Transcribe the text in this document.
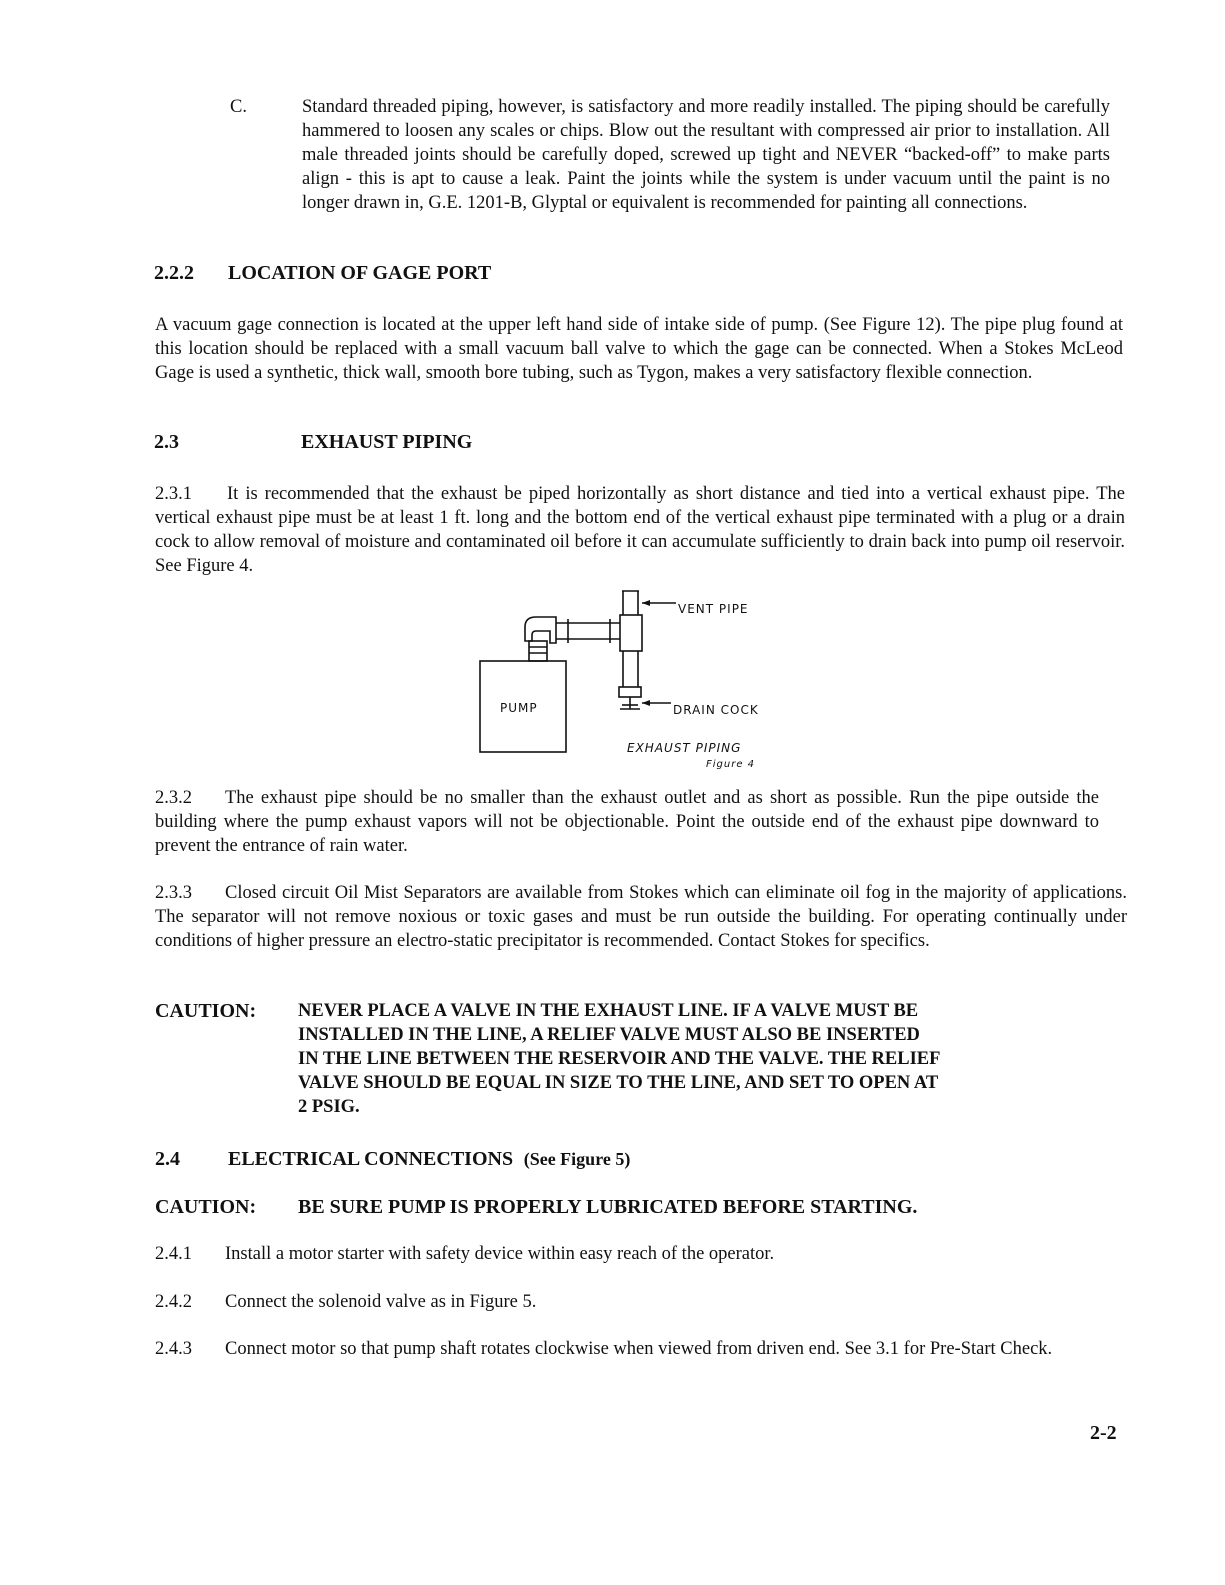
C.	Standard threaded piping, however, is satisfactory and more readily installed. The piping should be carefully hammered to loosen any scales or chips. Blow out the resultant with compressed air prior to installation. All male threaded joints should be carefully doped, screwed up tight and NEVER “backed-off” to make parts align - this is apt to cause a leak. Paint the joints while the system is under vacuum until the paint is no longer drawn in, G.E. 1201-B, Glyptal or equivalent is recommended for painting all connections.
2.2.2 LOCATION OF GAGE PORT
A vacuum gage connection is located at the upper left hand side of intake side of pump. (See Figure 12). The pipe plug found at this location should be replaced with a small vacuum ball valve to which the gage can be connected. When a Stokes McLeod Gage is used a synthetic, thick wall, smooth bore tubing, such as Tygon, makes a very satisfactory flexible connection.
2.3	EXHAUST PIPING
2.3.1 It is recommended that the exhaust be piped horizontally as short distance and tied into a vertical exhaust pipe. The vertical exhaust pipe must be at least 1 ft. long and the bottom end of the vertical exhaust pipe terminated with a plug or a drain cock to allow removal of moisture and contaminated oil before it can accumulate sufficiently to drain back into pump oil reservoir. See Figure 4.
PUMP
VENT PIPE
DRAIN COCK
EXHAUST PIPING
Figure 4
2.3.2 The exhaust pipe should be no smaller than the exhaust outlet and as short as possible. Run the pipe outside the building where the pump exhaust vapors will not be objectionable. Point the outside end of the exhaust pipe downward to prevent the entrance of rain water.
2.3.3 Closed circuit Oil Mist Separators are available from Stokes which can eliminate oil fog in the majority of applications. The separator will not remove noxious or toxic gases and must be run outside the building. For operating continually under conditions of higher pressure an electro-static precipitator is recommended. Contact Stokes for specifics.
CAUTION: NEVER PLACE A VALVE IN THE EXHAUST LINE. IF A VALVE MUST BE INSTALLED IN THE LINE, A RELIEF VALVE MUST ALSO BE INSERTED IN THE LINE BETWEEN THE RESERVOIR AND THE VALVE. THE RELIEF VALVE SHOULD BE EQUAL IN SIZE TO THE LINE, AND SET TO OPEN AT 2 PSIG.
2.4 ELECTRICAL CONNECTIONS (See Figure 5)
CAUTION: BE SURE PUMP IS PROPERLY LUBRICATED BEFORE STARTING.
2.4.1 Install a motor starter with safety device within easy reach of the operator.
2.4.2 Connect the solenoid valve as in Figure 5.
2.4.3 Connect motor so that pump shaft rotates clockwise when viewed from driven end. See 3.1 for Pre-Start Check.
2-2
